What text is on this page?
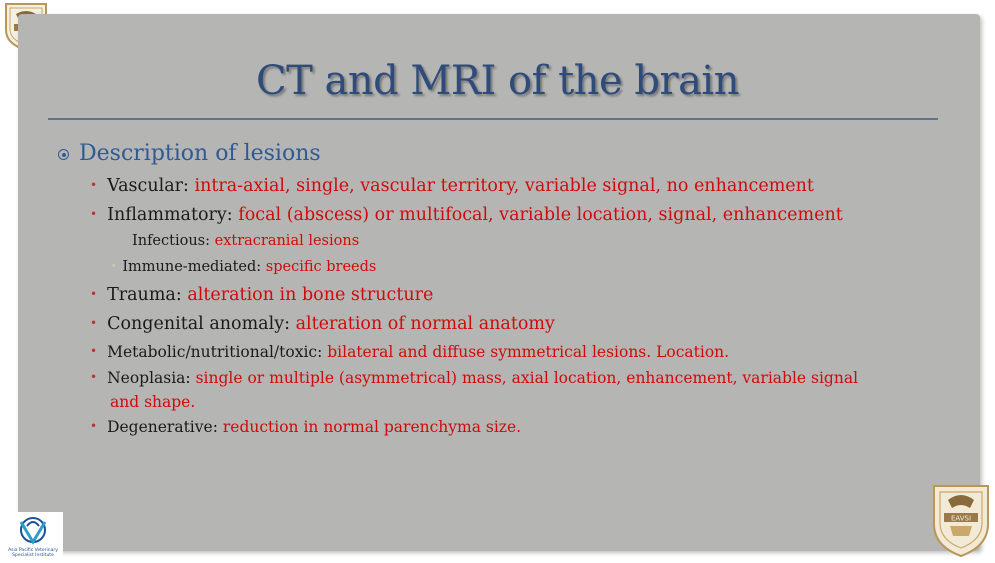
CT and MRI of the brain
Description of lesions
• Vascular: intra-axial, single, vascular territory, variable signal, no enhancement
• Inflammatory: focal (abscess) or multifocal, variable location, signal, enhancement
Infectious: extracranial lesions
• Immune-mediated: specific breeds
• Trauma: alteration in bone structure
• Congenital anomaly: alteration of normal anatomy
• Metabolic/nutritional/toxic: bilateral and diffuse symmetrical lesions. Location.
• Neoplasia: single or multiple (asymmetrical) mass, axial location, enhancement, variable signal
and shape.
• Degenerative: reduction in normal parenchyma size.
Asia Pacific Veterinary Specialist Institute
EAVSI
